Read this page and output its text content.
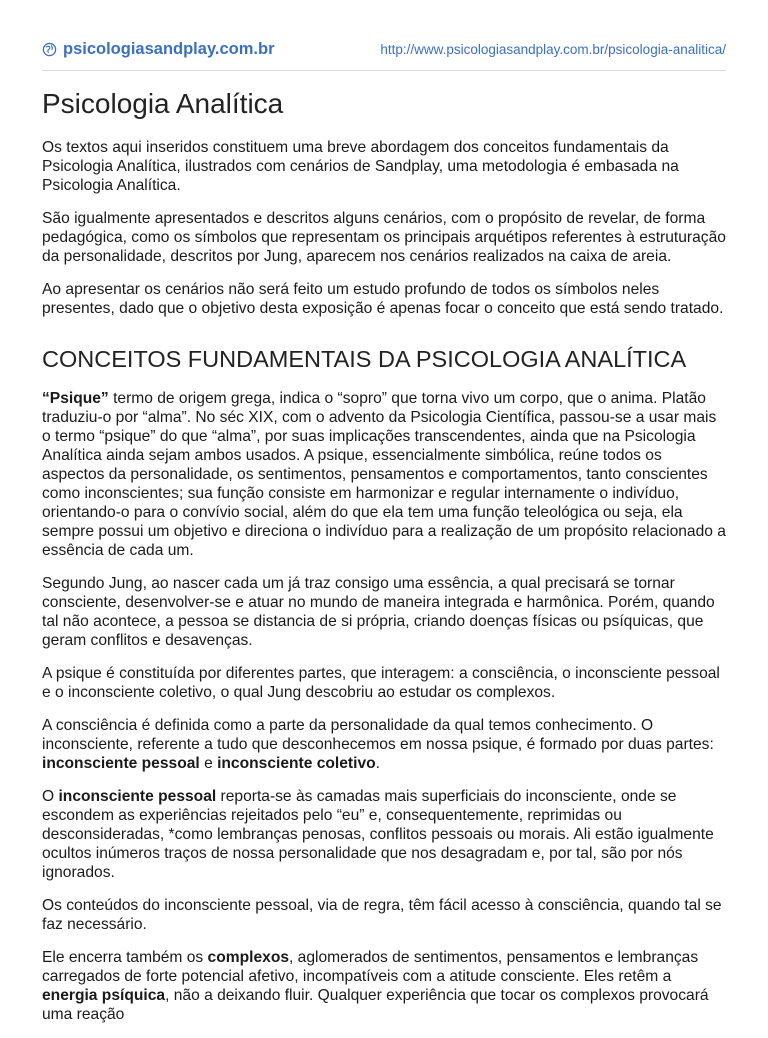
psicologiasandplay.com.br	http://www.psicologiasandplay.com.br/psicologia-analitica/
Psicologia Analítica

Os textos aqui inseridos constituem uma breve abordagem dos conceitos fundamentais da Psicologia Analítica, ilustrados com cenários de Sandplay, uma metodologia é embasada na Psicologia Analítica.

São igualmente apresentados e descritos alguns cenários, com o propósito de revelar, de forma pedagógica, como os símbolos que representam os principais arquétipos referentes à estruturação da personalidade, descritos por Jung, aparecem nos cenários realizados na caixa de areia.

Ao apresentar os cenários não será feito um estudo profundo de todos os símbolos neles presentes, dado que o objetivo desta exposição é apenas focar o conceito que está sendo tratado.

CONCEITOS FUNDAMENTAIS DA PSICOLOGIA ANALÍTICA

“Psique” termo de origem grega, indica o “sopro” que torna vivo um corpo, que o anima. Platão traduziu-o por “alma”. No séc XIX, com o advento da Psicologia Científica, passou-se a usar mais o termo “psique” do que “alma”, por suas implicações transcendentes, ainda que na Psicologia Analítica ainda sejam ambos usados. A psique, essencialmente simbólica, reúne todos os aspectos da personalidade, os sentimentos, pensamentos e comportamentos, tanto conscientes como inconscientes; sua função consiste em harmonizar e regular internamente o indivíduo, orientando-o para o convívio social, além do que ela tem uma função teleológica ou seja, ela sempre possui um objetivo e direciona o indivíduo para a realização de um propósito relacionado a essência de cada um.

Segundo Jung, ao nascer cada um já traz consigo uma essência, a qual precisará se tornar consciente, desenvolver-se e atuar no mundo de maneira integrada e harmônica. Porém, quando tal não acontece, a pessoa se distancia de si própria, criando doenças físicas ou psíquicas, que geram conflitos e desavenças.

A psique é constituída por diferentes partes, que interagem: a consciência, o inconsciente pessoal e o inconsciente coletivo, o qual Jung descobriu ao estudar os complexos.

A consciência é definida como a parte da personalidade da qual temos conhecimento. O inconsciente, referente a tudo que desconhecemos em nossa psique, é formado por duas partes: inconsciente pessoal e inconsciente coletivo.

O inconsciente pessoal reporta-se às camadas mais superficiais do inconsciente, onde se escondem as experiências rejeitados pelo “eu” e, consequentemente, reprimidas ou desconsideradas, *como lembranças penosas, conflitos pessoais ou morais. Ali estão igualmente ocultos inúmeros traços de nossa personalidade que nos desagradam e, por tal, são por nós ignorados.

Os conteúdos do inconsciente pessoal, via de regra, têm fácil acesso à consciência, quando tal se faz necessário.

Ele encerra também os complexos, aglomerados de sentimentos, pensamentos e lembranças carregados de forte potencial afetivo, incompatíveis com a atitude consciente. Eles retêm a energia psíquica, não a deixando fluir. Qualquer experiência que tocar os complexos provocará uma reação
